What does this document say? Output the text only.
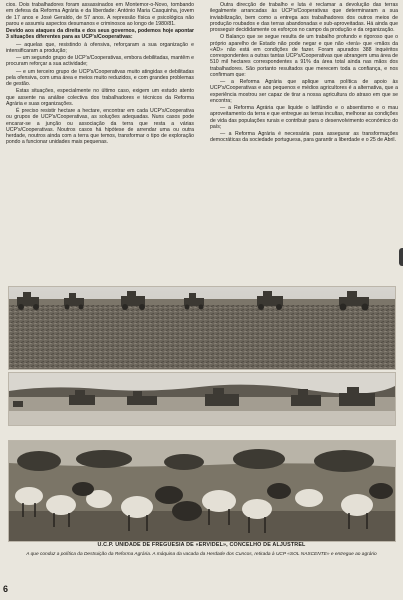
cios. Dois trabalhadores foram assassinados em Montemor-o-Novo, tombando em defesa da Reforma Agrária e da liberdade: António Maria Casquinha, jovem de 17 anos e José Geraldo, de 57 anos. A repressão física e psicológica não parou e assumiu aspectos desumanos e criminosos ao longo de 1980/81.

Devido aos ataques da direita e dos seus governos, podemos hoje apontar 3 situações diferentes para as UCP's/Cooperativas:

— aquelas que, resistindo à ofensiva, reforçaram a sua organização e intensificaram a produção;

— um segundo grupo de UCP's/Cooperativas, embora debilitadas, mantêm e procuram reforçar a sua actividade;

— e um terceiro grupo de UCP's/Cooperativas muito atingidas e debilitadas pela ofensiva, com uma área e meios muito reduzidos, e com grandes problemas de gestão.

Estas situações, especialmente no último caso, exigem um estudo atento que assente na análise colectiva dos trabalhadores e técnicos da Reforma Agrária e suas organizações.

É preciso resistir hectare a hectare, encontrar em cada UCP's/Cooperativa ou grupos de UCP's/Cooperativas, as soluções adequadas. Nuns casos pode encarar-se a junção ou associação da terra que resta a várias UCP's/Cooperativas. Noutros casos há hipótese de arrendar uma ou outra herdade, noutros ainda com a terra que temos, transformar o tipo de exploração pondo a funcionar unidades mais pequenas.

Outra direcção de trabalho e luta é reclamar a devolução das terras ilegalmente arrancadas às UCP's/Cooperativas que determinaram a sua inviabilização, bem como a entrega aos trabalhadores dos outros meios de produção roubados e das terras abandonadas e sub-aproveitadas. Há ainda que prosseguir decididamente os esforços no campo da produção e da organização.

O Balanço que se segue resulta de um trabalho profundo e rigoroso que o próprio aparelho de Estado não pode negar e que não «terá» que «mãos da «AD» não está em condições de fazer. Foram apurados 388 inquéritos correspondentes a outras tantas UCP's/Cooperativas que abrangem uma área de 510 mil hectares correspondentes a 91% da área total ainda nas mãos dos trabalhadores. São portanto resultados que merecem toda a confiança, e nos confirmam que:

— a Reforma Agrária que aplique uma política de apoio às UCP's/Cooperativas e aos pequenos e médios agricultores é a alternativa, que a experiência mostrou ser capaz de tirar a nossa agricultura do atraso em que se encontra;

— a Reforma Agrária que liquide o latifúndio e o absentismo e o mau aproveitamento da terra e que entregue as terras incultas, melhorar as condições de vida das populações rurais e contribuir para o desenvolvimento económico do país;

— a Reforma Agrária é necessária para assegurar as transformações democráticas da sociedade portuguesa, para garantir a liberdade e o 25 de Abril.

U.C.P. UNIDADE DE FREGUESIA DE «ERVIDEL», CONCELHO DE ALJUSTREL
A que conduz a política da Destruição da Reforma Agrária. A máquina da vacada da Herdade dos Cuncos, retirada à UCP «SOL NASCENTE» e entregue ao agrário
6
